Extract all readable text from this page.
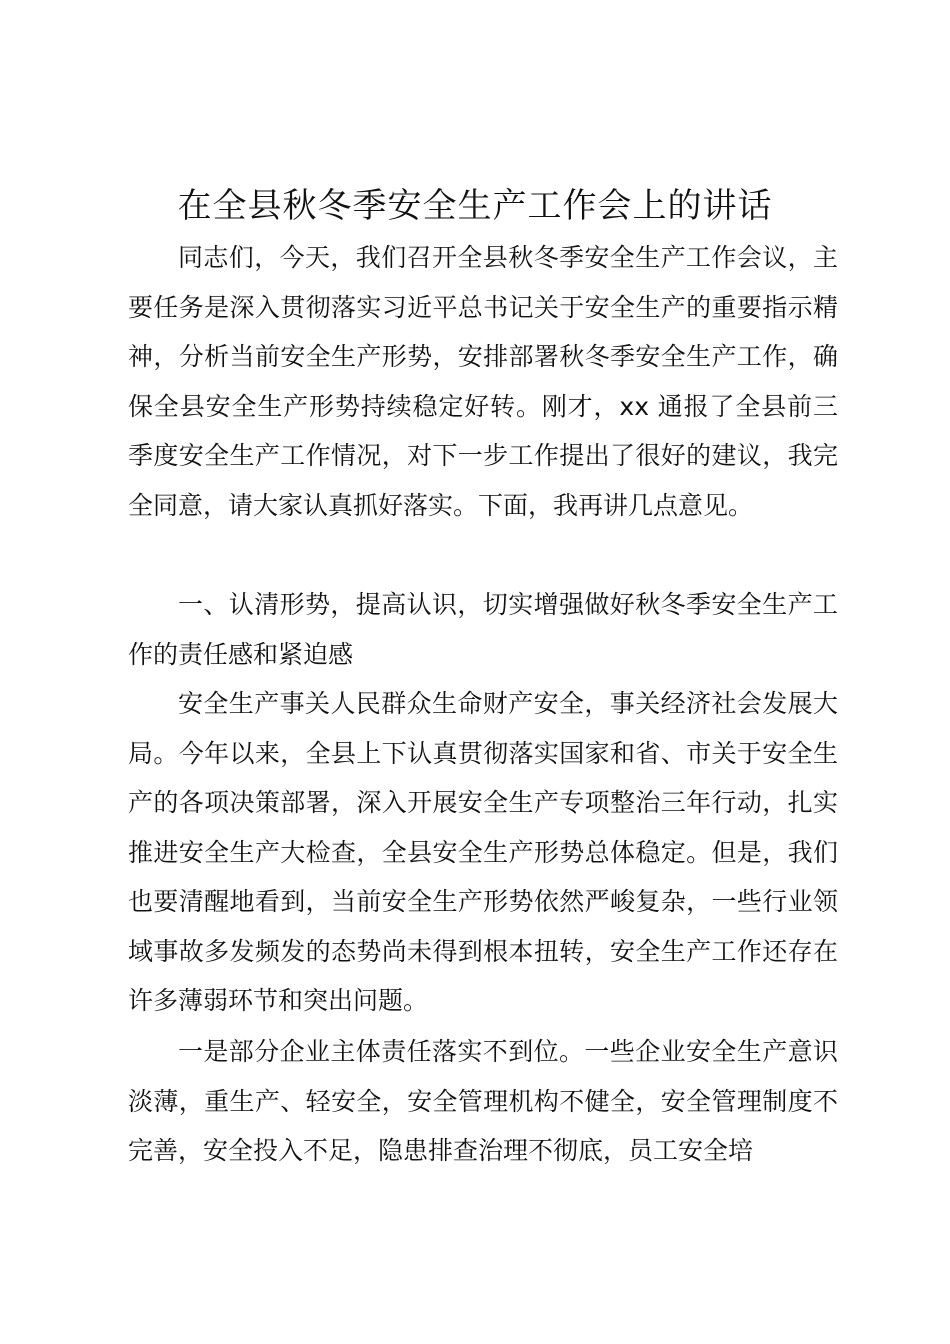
在全县秋冬季安全生产工作会上的讲话

同志们，今天，我们召开全县秋冬季安全生产工作会议，主要任务是深入贯彻落实习近平总书记关于安全生产的重要指示精神，分析当前安全生产形势，安排部署秋冬季安全生产工作，确保全县安全生产形势持续稳定好转。刚才，xx 通报了全县前三季度安全生产工作情况，对下一步工作提出了很好的建议，我完全同意，请大家认真抓好落实。下面，我再讲几点意见。

一、认清形势，提高认识，切实增强做好秋冬季安全生产工作的责任感和紧迫感

安全生产事关人民群众生命财产安全，事关经济社会发展大局。今年以来，全县上下认真贯彻落实国家和省、市关于安全生产的各项决策部署，深入开展安全生产专项整治三年行动，扎实推进安全生产大检查，全县安全生产形势总体稳定。但是，我们也要清醒地看到，当前安全生产形势依然严峻复杂，一些行业领域事故多发频发的态势尚未得到根本扭转，安全生产工作还存在许多薄弱环节和突出问题。

一是部分企业主体责任落实不到位。一些企业安全生产意识淡薄，重生产、轻安全，安全管理机构不健全，安全管理制度不完善，安全投入不足，隐患排查治理不彻底，员工安全培
